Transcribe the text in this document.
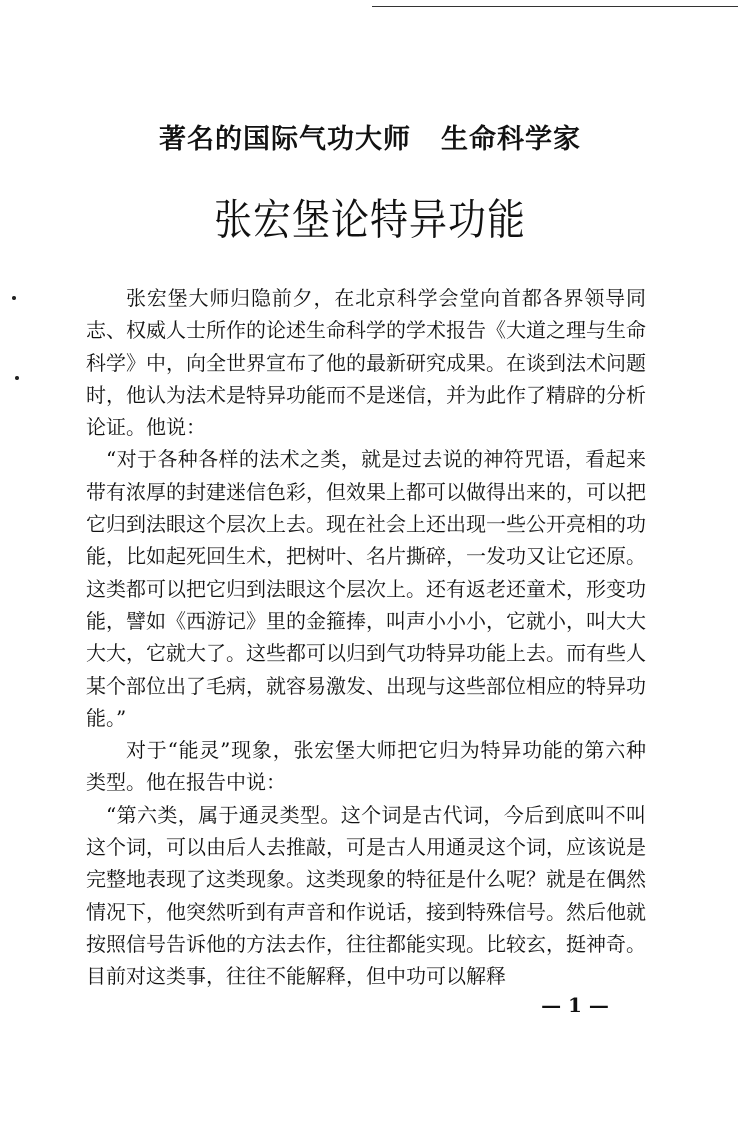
著名的国际气功大师 生命科学家
张宏堡论特异功能

张宏堡大师归隐前夕，在北京科学会堂向首都各界领导同志、权威人士所作的论述生命科学的学术报告《大道之理与生命科学》中，向全世界宣布了他的最新研究成果。在谈到法术问题时，他认为法术是特异功能而不是迷信，并为此作了精辟的分析论证。他说：

“对于各种各样的法术之类，就是过去说的神符咒语，看起来带有浓厚的封建迷信色彩，但效果上都可以做得出来的，可以把它归到法眼这个层次上去。现在社会上还出现一些公开亮相的功能，比如起死回生术，把树叶、名片撕碎，一发功又让它还原。这类都可以把它归到法眼这个层次上。还有返老还童术，形变功能，譬如《西游记》里的金箍捧，叫声小小小，它就小，叫大大大大，它就大了。这些都可以归到气功特异功能上去。而有些人某个部位出了毛病，就容易激发、出现与这些部位相应的特异功能。”

对于“能灵”现象，张宏堡大师把它归为特异功能的第六种类型。他在报告中说：

“第六类，属于通灵类型。这个词是古代词，今后到底叫不叫这个词，可以由后人去推敲，可是古人用通灵这个词，应该说是完整地表现了这类现象。这类现象的特征是什么呢？就是在偶然情况下，他突然听到有声音和作说话，接到特殊信号。然后他就按照信号告诉他的方法去作，往往都能实现。比较玄，挺神奇。目前对这类事，往往不能解释，但中功可以解释

— 1 —
